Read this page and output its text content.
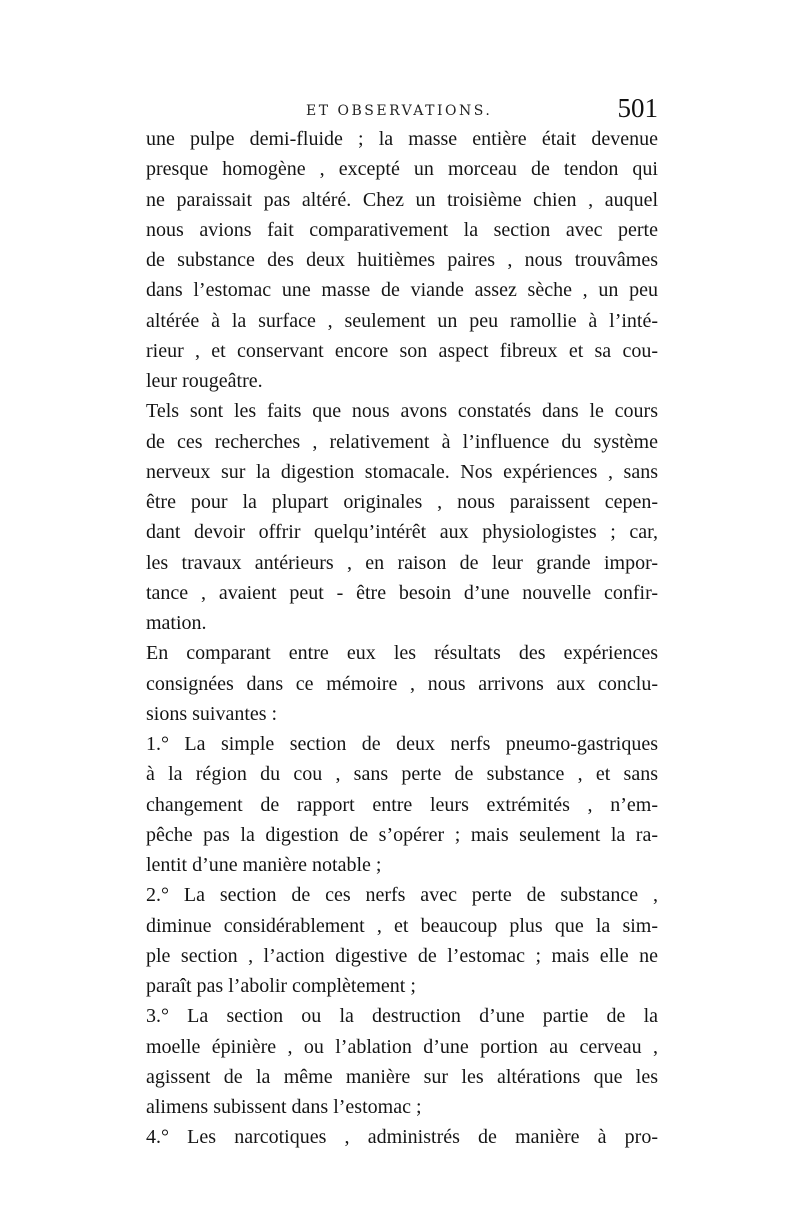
ET OBSERVATIONS.	501
une pulpe demi-fluide ; la masse entière était devenue
presque homogène , excepté un morceau de tendon qui
ne paraissait pas altéré. Chez un troisième chien , auquel
nous avions fait comparativement la section avec perte
de substance des deux huitièmes paires , nous trouvâmes
dans l’estomac une masse de viande assez sèche , un peu
altérée à la surface , seulement un peu ramollie à l’inté-
rieur , et conservant encore son aspect fibreux et sa cou-
leur rougeâtre.
Tels sont les faits que nous avons constatés dans le cours
de ces recherches , relativement à l’influence du système
nerveux sur la digestion stomacale. Nos expériences , sans
être pour la plupart originales , nous paraissent cepen-
dant devoir offrir quelqu’intérêt aux physiologistes ; car,
les travaux antérieurs , en raison de leur grande impor-
tance , avaient peut - être besoin d’une nouvelle confir-
mation.
En comparant entre eux les résultats des expériences
consignées dans ce mémoire , nous arrivons aux conclu-
sions suivantes :
1.° La simple section de deux nerfs pneumo-gastriques
à la région du cou , sans perte de substance , et sans
changement de rapport entre leurs extrémités , n’em-
pêche pas la digestion de s’opérer ; mais seulement la ra-
lentit d’une manière notable ;
2.° La section de ces nerfs avec perte de substance ,
diminue considérablement , et beaucoup plus que la sim-
ple section , l’action digestive de l’estomac ; mais elle ne
paraît pas l’abolir complètement ;
3.° La section ou la destruction d’une partie de la
moelle épinière , ou l’ablation d’une portion au cerveau ,
agissent de la même manière sur les altérations que les
alimens subissent dans l’estomac ;
4.° Les narcotiques , administrés de manière à pro-
